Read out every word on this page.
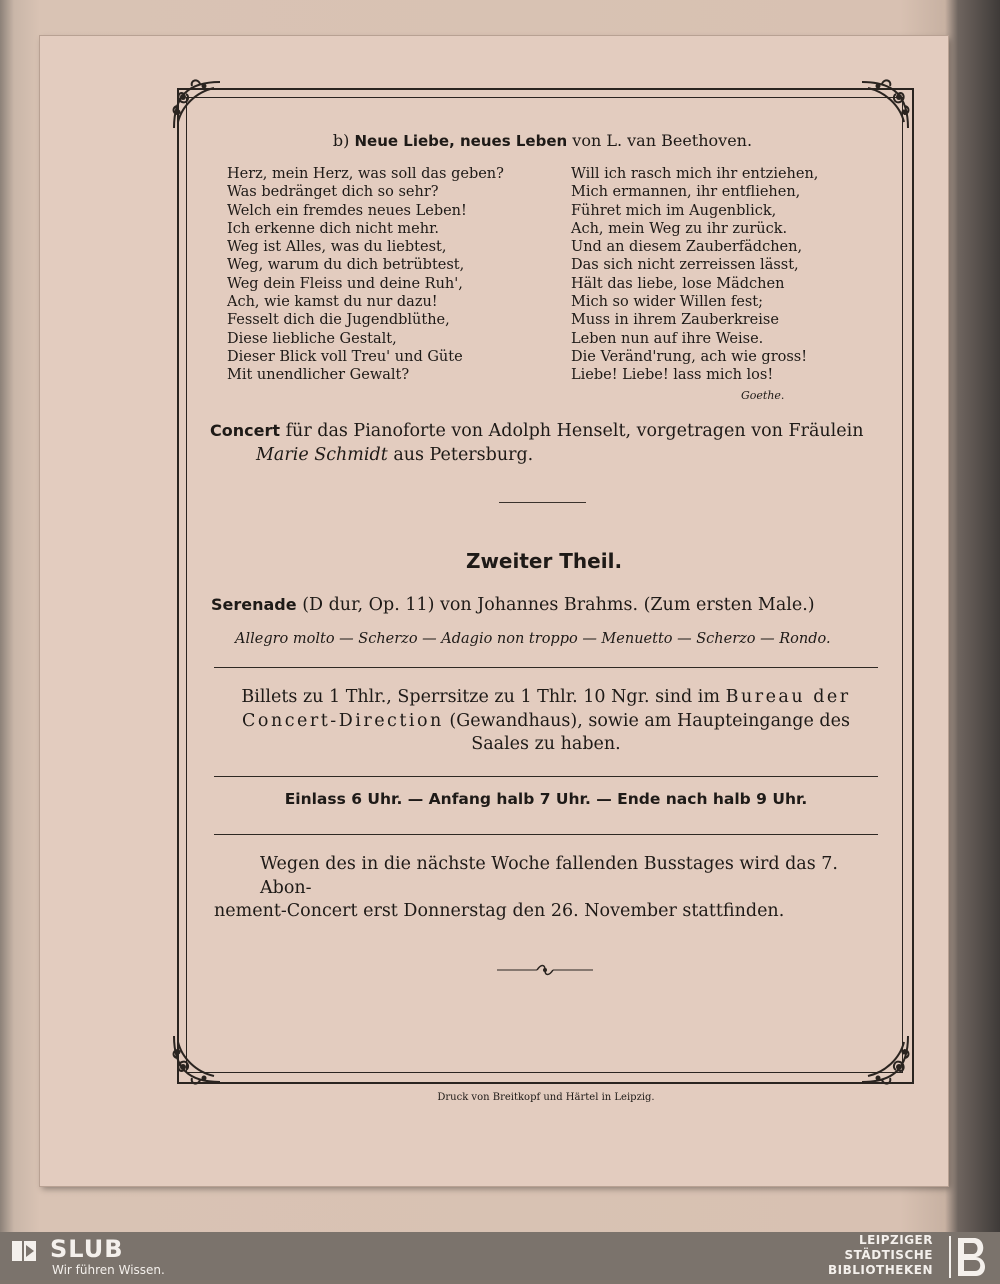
b) Neue Liebe, neues Leben von L. van Beethoven.
Herz, mein Herz, was soll das geben?
Was bedränget dich so sehr?
Welch ein fremdes neues Leben!
Ich erkenne dich nicht mehr.
Weg ist Alles, was du liebtest,
Weg, warum du dich betrübtest,
Weg dein Fleiss und deine Ruh',
Ach, wie kamst du nur dazu!
Fesselt dich die Jugendblüthe,
Diese liebliche Gestalt,
Dieser Blick voll Treu' und Güte
Mit unendlicher Gewalt?
Will ich rasch mich ihr entziehen,
Mich ermannen, ihr entfliehen,
Führet mich im Augenblick,
Ach, mein Weg zu ihr zurück.
Und an diesem Zauberfädchen,
Das sich nicht zerreissen lässt,
Hält das liebe, lose Mädchen
Mich so wider Willen fest;
Muss in ihrem Zauberkreise
Leben nun auf ihre Weise.
Die Veränd'rung, ach wie gross!
Liebe! Liebe! lass mich los!
Goethe.
Concert für das Pianoforte von Adolph Henselt, vorgetragen von Fräulein
Marie Schmidt aus Petersburg.
Zweiter Theil.
Serenade (D dur, Op. 11) von Johannes Brahms. (Zum ersten Male.)
Allegro molto — Scherzo — Adagio non troppo — Menuetto — Scherzo — Rondo.
Billets zu 1 Thlr., Sperrsitze zu 1 Thlr. 10 Ngr. sind im Bureau der Concert-Direction (Gewandhaus), sowie am Haupteingange des Saales zu haben.
Einlass 6 Uhr. — Anfang halb 7 Uhr. — Ende nach halb 9 Uhr.
Wegen des in die nächste Woche fallenden Busstages wird das 7. Abon-
nement-Concert erst Donnerstag den 26. November stattfinden.
Druck von Breitkopf und Härtel in Leipzig.
SLUB
Wir führen Wissen.
LEIPZIGER
STÄDTISCHE
BIBLIOTHEKEN
